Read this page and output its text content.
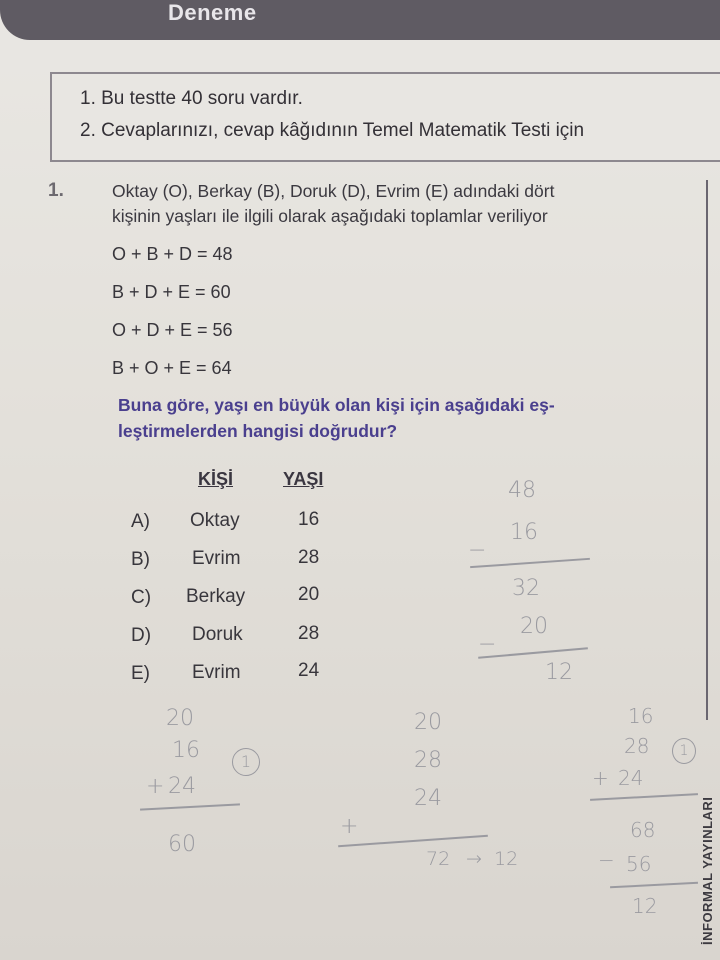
Deneme
1. Bu testte 40 soru vardır.
2. Cevaplarınızı, cevap kâğıdının Temel Matematik Testi için
1.	Oktay (O), Berkay (B), Doruk (D), Evrim (E) adındaki dört
kişinin yaşları ile ilgili olarak aşağıdaki toplamlar veriliyor
O + B + D = 48
B + D + E = 60
O + D + E = 56
B + O + E = 64
Buna göre, yaşı en büyük olan kişi için aşağıdaki eş-
leştirmelerden hangisi doğrudur?
KİŞİ	YAŞI
A) Oktay	16
B) Evrim	28
C) Berkay	20
D) Doruk	28
E) Evrim	24
48
16
−
32
20
−
12
20
16	1
+ 24
60
20
28
24
+
72 → 12
16
28	1
+ 24
68
− 56
12	İNFORMAL YAYINLARI
